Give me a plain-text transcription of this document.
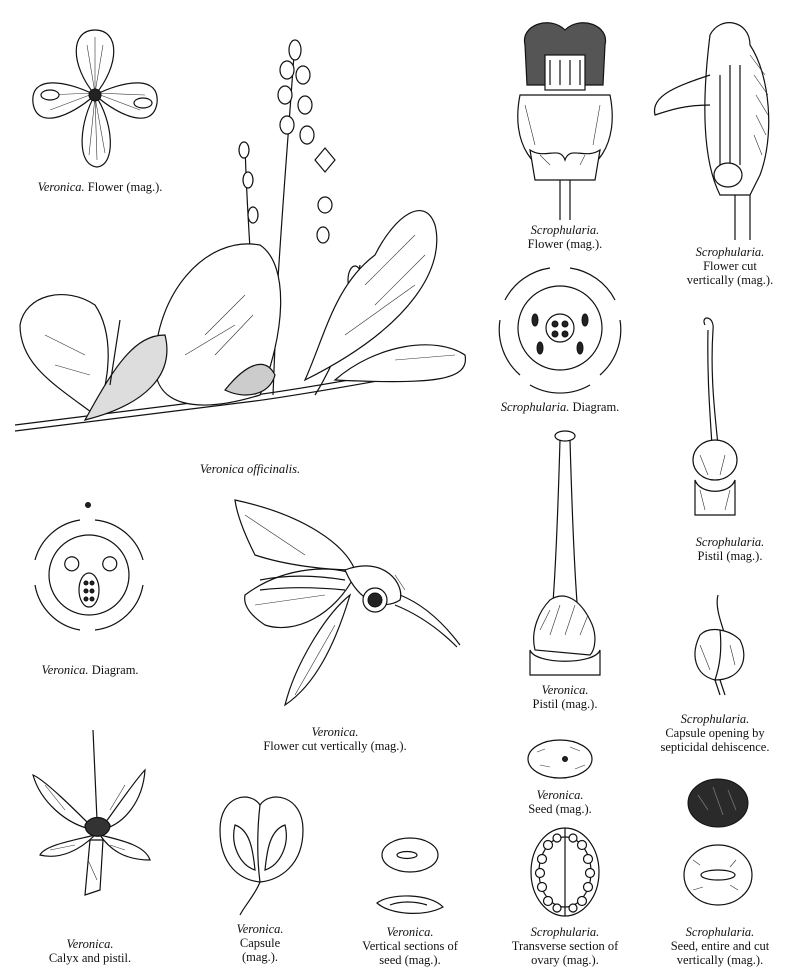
Veronica. Flower (mag.).
Veronica officinalis.
Scrophularia.
Flower (mag.).
Scrophularia.
Flower cut
vertically (mag.).
Scrophularia. Diagram.
Scrophularia.
Pistil (mag.).
Veronica. Diagram.
Veronica.
Flower cut vertically (mag.).
Veronica.
Pistil (mag.).
Scrophularia.
Capsule opening by
septicidal dehiscence.
Veronica.
Seed (mag.).
Veronica.
Calyx and pistil.
Veronica.
Capsule
(mag.).
Veronica.
Vertical sections of
seed (mag.).
Scrophularia.
Transverse section of
ovary (mag.).
Scrophularia.
Seed, entire and cut
vertically (mag.).
